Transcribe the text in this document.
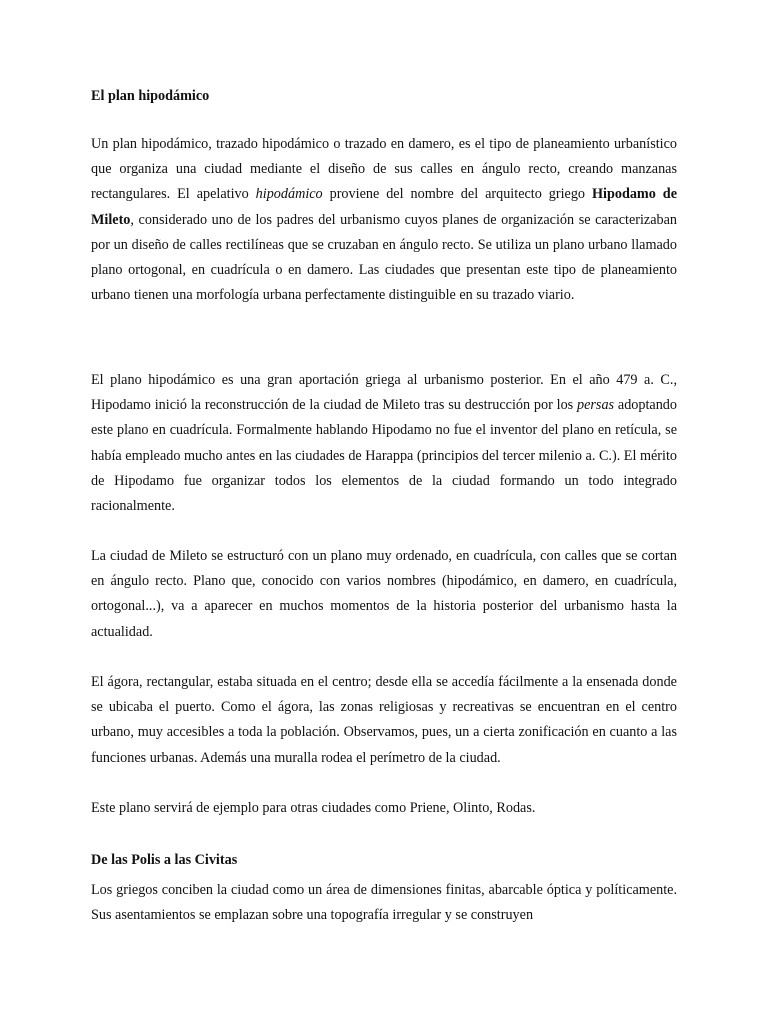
El plan hipodámico

Un plan hipodámico, trazado hipodámico o trazado en damero, es el tipo de planeamiento urbanístico que organiza una ciudad mediante el diseño de sus calles en ángulo recto, creando manzanas rectangulares. El apelativo hipodámico proviene del nombre del arquitecto griego Hipodamo de Mileto, considerado uno de los padres del urbanismo cuyos planes de organización se caracterizaban por un diseño de calles rectilíneas que se cruzaban en ángulo recto. Se utiliza un plano urbano llamado plano ortogonal, en cuadrícula o en damero. Las ciudades que presentan este tipo de planeamiento urbano tienen una morfología urbana perfectamente distinguible en su trazado viario.

El plano hipodámico es una gran aportación griega al urbanismo posterior. En el año 479 a. C., Hipodamo inició la reconstrucción de la ciudad de Mileto tras su destrucción por los persas adoptando este plano en cuadrícula. Formalmente hablando Hipodamo no fue el inventor del plano en retícula, se había empleado mucho antes en las ciudades de Harappa (principios del tercer milenio a. C.). El mérito de Hipodamo fue organizar todos los elementos de la ciudad formando un todo integrado racionalmente.

La ciudad de Mileto se estructuró con un plano muy ordenado, en cuadrícula, con calles que se cortan en ángulo recto. Plano que, conocido con varios nombres (hipodámico, en damero, en cuadrícula, ortogonal...), va a aparecer en muchos momentos de la historia posterior del urbanismo hasta la actualidad.

El ágora, rectangular, estaba situada en el centro; desde ella se accedía fácilmente a la ensenada donde se ubicaba el puerto. Como el ágora, las zonas religiosas y recreativas se encuentran en el centro urbano, muy accesibles a toda la población. Observamos, pues, un a cierta zonificación en cuanto a las funciones urbanas. Además una muralla rodea el perímetro de la ciudad.

Este plano servirá de ejemplo para otras ciudades como Priene, Olinto, Rodas.

De las Polis a las Civitas

Los griegos conciben la ciudad como un área de dimensiones finitas, abarcable óptica y políticamente. Sus asentamientos se emplazan sobre una topografía irregular y se construyen
